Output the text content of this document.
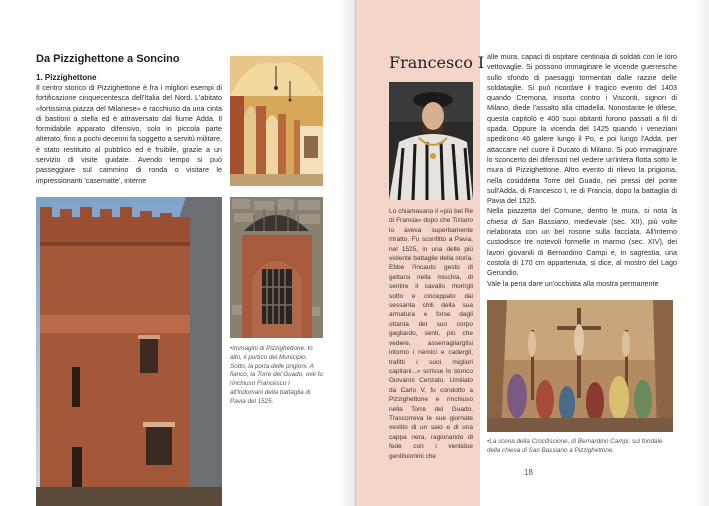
Da Pizzighettone a Soncino
1. Pizzighettone
Il centro storico di Pizzighettone è fra i migliori esempi di fortificazione cinquecentesca dell'Italia del Nord. L'abitato «fortissima piazza del Milanese» è racchiuso da una cinta di bastioni a stella ed è attraversato dal fiume Adda. Il formidabile apparato difensivo, solo in piccola parte alterato, fino a pochi decenni fa soggetto a servitù militare, è stato restituito al pubblico ed è fruibile, grazie a un servizio di visite guidate. Avendo tempo si può passeggiare sul cammino di ronda o visitare le impressionanti 'casematte', interne
•Immagini di Pizzighettone. In alto, il portico del Municipio. Sotto, la porta delle prigioni. A fianco, la Torre del Guado, ove fu rinchiuso Francesco I all'indomani della battaglia di Pavia del 1525.
Francesco I
Lo chiamavano il «più bel Re di Francia» dopo che Tiziano lo aveva superbamente ritratto. Fu sconfitto a Pavia, nel 1525, in una delle più violente battaglie della storia. Ebbe l'incauto gesto di gettarsi nella mischia, di sentire il cavallo morirgli sotto e cinceppato dai sessanta chili della sua armatura e forse dagli ottanta del suo corpo gagliardo, senti, più che vedere, asserragliarglisi intorno i nemici e cadergli, trafitti i suoi migliori capitani...» scrisse lo storico Giovanni Cenzato. Umiliato da Carlo V, fu condotto a Pizzighettone e rinchiuso nella Torre del Guado. Trascorreva le sue giornate vestito di un saio e di una cappa nera, ragionando di fede con i ventidue gentiluomini che

alle mura, capaci di ospitare centinaia di soldati con le loro vettovaglie. Si possono immaginare le vicende guerresche sullo sfondo di paesaggi tormentati dalle razzie delle soldataglie. Si può ricordare il tragico evento del 1403 quando Cremona, insorta contro i Visconti, signori di Milano, diede l'assalto alla cittadella. Nonostante le difese, questa capitolò e 400 suoi abitanti furono passati a fil di spada. Oppure la vicenda del 1425 quando i veneziani spedirono 46 galere lungo il Po, e poi lungo l'Adda, per attaccare nel cuore il Ducato di Milano. Si può immaginare lo sconcerto dei difensori nel vedere un'intera flotta sotto le mura di Pizzighettone. Altro evento di rilievo la prigionia, nella cosiddetta Torre del Guado, nei pressi del ponte sull'Adda, di Francesco I, re di Francia, dopo la battaglia di Pavia del 1525.

Nella piazzetta del Comune, dentro le mura, si nota la chiesa di San Bassiano, medievale (sec. XII), più volte rielaborata con un bel rosone sulla facciata. All'interno custodisce tre notevoli formelle in marmo (sec. XIV), dei lavori giovanili di Bernardino Campi e, in sagrestia, una costola di 170 cm appartenuta, si dice, al mostro del Lago Gerundio.

Vale la pena dare un'occhiata alla mostra permanente

•La scena della Crocifissione, di Bernardino Campi, sul fondale della chiesa di San Bassiano a Pizzighettone.
18
